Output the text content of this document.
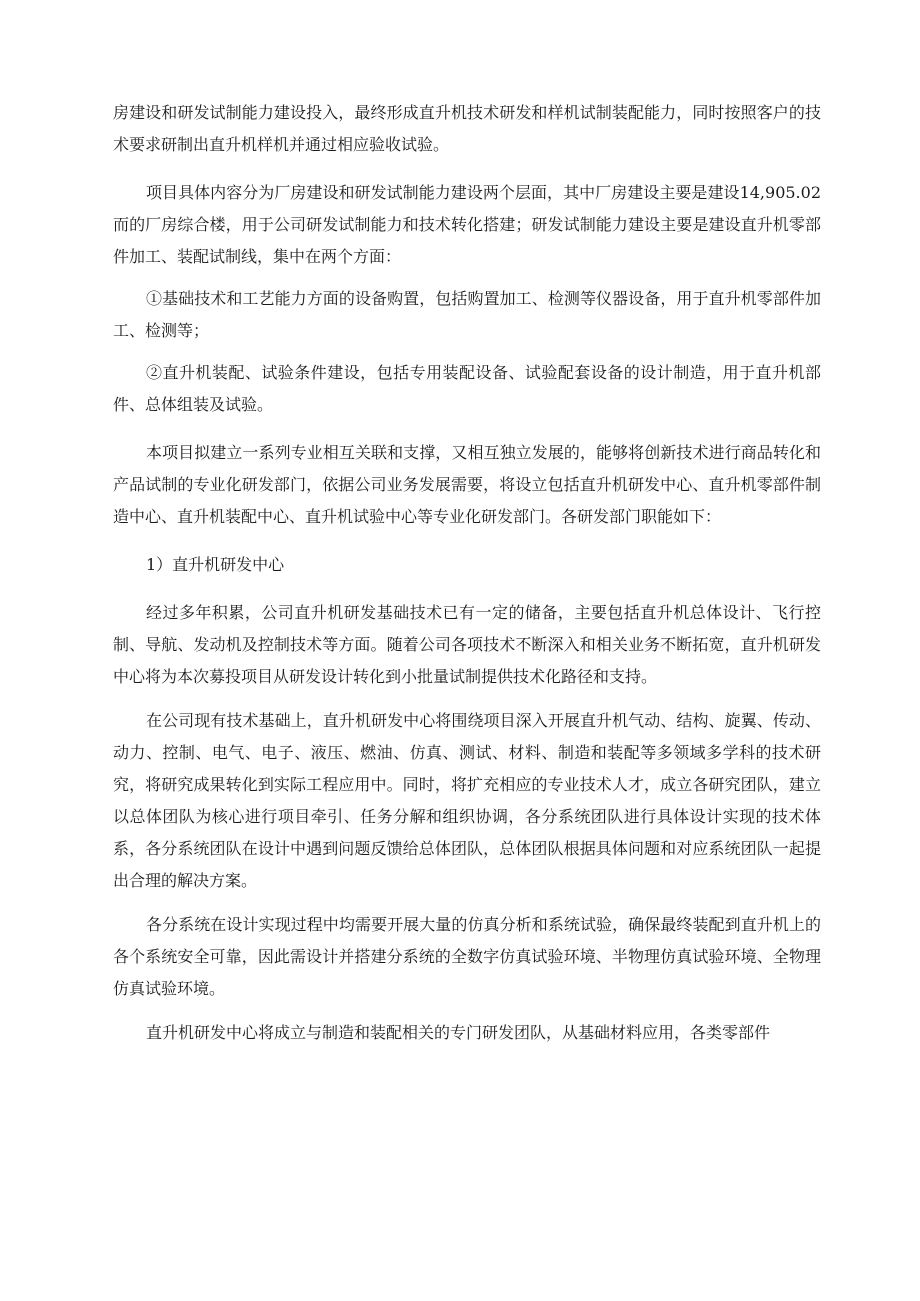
房建设和研发试制能力建设投入，最终形成直升机技术研发和样机试制装配能力，同时按照客户的技术要求研制出直升机样机并通过相应验收试验。

项目具体内容分为厂房建设和研发试制能力建设两个层面，其中厂房建设主要是建设14,905.02而的厂房综合楼，用于公司研发试制能力和技术转化搭建；研发试制能力建设主要是建设直升机零部件加工、装配试制线，集中在两个方面：

①基础技术和工艺能力方面的设备购置，包括购置加工、检测等仪器设备，用于直升机零部件加工、检测等；

②直升机装配、试验条件建设，包括专用装配设备、试验配套设备的设计制造，用于直升机部件、总体组装及试验。

本项目拟建立一系列专业相互关联和支撑，又相互独立发展的，能够将创新技术进行商品转化和产品试制的专业化研发部门，依据公司业务发展需要，将设立包括直升机研发中心、直升机零部件制造中心、直升机装配中心、直升机试验中心等专业化研发部门。各研发部门职能如下：

1）直升机研发中心

经过多年积累，公司直升机研发基础技术已有一定的储备，主要包括直升机总体设计、飞行控制、导航、发动机及控制技术等方面。随着公司各项技术不断深入和相关业务不断拓宽，直升机研发中心将为本次募投项目从研发设计转化到小批量试制提供技术化路径和支持。

在公司现有技术基础上，直升机研发中心将围绕项目深入开展直升机气动、结构、旋翼、传动、动力、控制、电气、电子、液压、燃油、仿真、测试、材料、制造和装配等多领域多学科的技术研究，将研究成果转化到实际工程应用中。同时，将扩充相应的专业技术人才，成立各研究团队，建立以总体团队为核心进行项目牵引、任务分解和组织协调，各分系统团队进行具体设计实现的技术体系，各分系统团队在设计中遇到问题反馈给总体团队，总体团队根据具体问题和对应系统团队一起提出合理的解决方案。

各分系统在设计实现过程中均需要开展大量的仿真分析和系统试验，确保最终装配到直升机上的各个系统安全可靠，因此需设计并搭建分系统的全数字仿真试验环境、半物理仿真试验环境、全物理仿真试验环境。

直升机研发中心将成立与制造和装配相关的专门研发团队，从基础材料应用，各类零部件
